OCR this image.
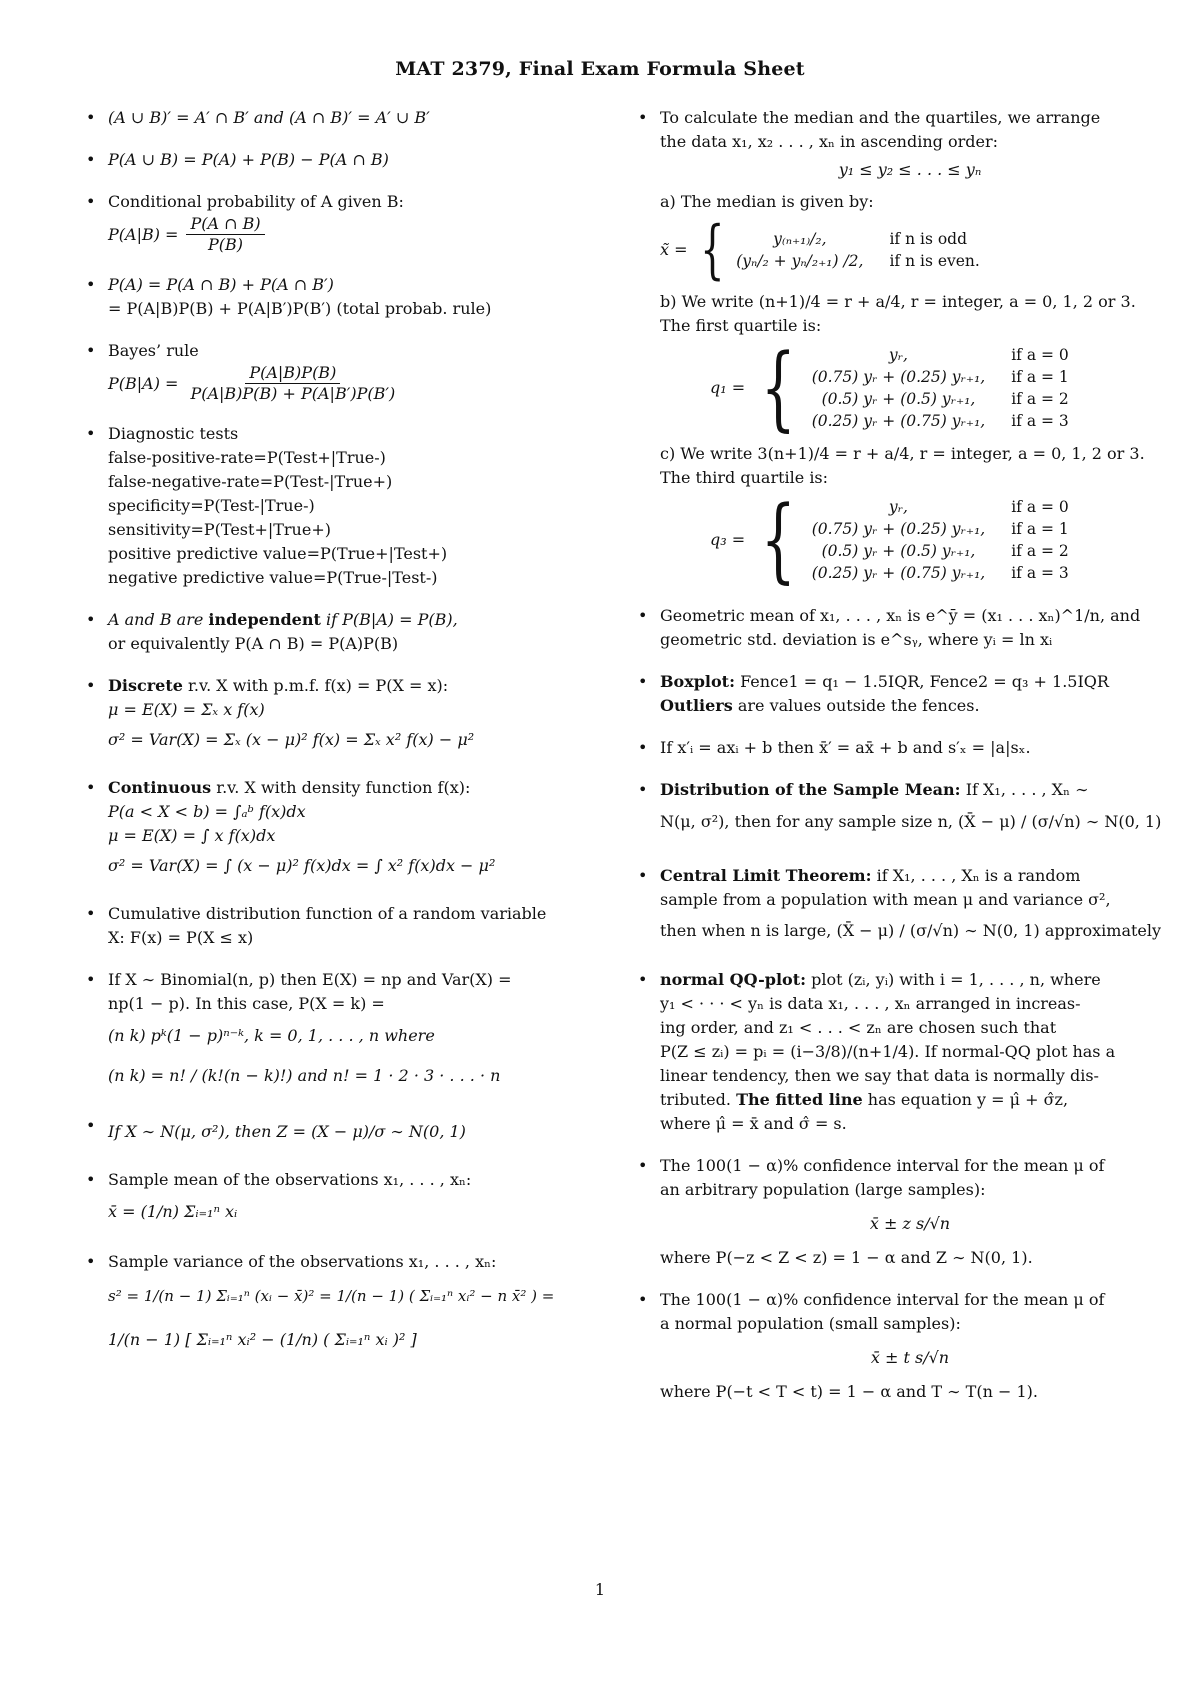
MAT 2379, Final Exam Formula Sheet
• (A ∪ B)′ = A′ ∩ B′ and (A ∩ B)′ = A′ ∪ B′
• P(A ∪ B) = P(A) + P(B) − P(A ∩ B)
• Conditional probability of A given B:
$P(A|B) = \frac{P(A \cap B)}{P(B)}$
• P(A) = P(A ∩ B) + P(A ∩ B′)
= P(A|B)P(B) + P(A|B′)P(B′) (total probab. rule)
• Bayes’ rule
$P(B|A) = \frac{P(A|B)P(B)}{P(A|B)P(B) + P(A|B')P(B')}$
• Diagnostic tests
false-positive-rate=P(Test+|True-)
false-negative-rate=P(Test-|True+)
specificity=P(Test-|True-)
sensitivity=P(Test+|True+)
positive predictive value=P(True+|Test+)
negative predictive value=P(True-|Test-)
• A and B are independent if P(B|A) = P(B),
or equivalently P(A ∩ B) = P(A)P(B)
• Discrete r.v. X with p.m.f. f(x) = P(X = x):
μ = E(X) = Σₓ x f(x)
σ² = Var(X) = Σₓ (x − μ)² f(x) = Σₓ x² f(x) − μ²
• Continuous r.v. X with density function f(x):
P(a < X < b) = ∫ₐᵇ f(x)dx
μ = E(X) = ∫ x f(x)dx
σ² = Var(X) = ∫ (x − μ)² f(x)dx = ∫ x² f(x)dx − μ²
• Cumulative distribution function of a random variable
X: F(x) = P(X ≤ x)
• If X ∼ Binomial(n, p) then E(X) = np and Var(X) =
np(1 − p). In this case, P(X = k) =
(n k) pᵏ(1 − p)ⁿ⁻ᵏ, k = 0, 1, . . . , n where
(n k) = n! / (k!(n − k)!) and n! = 1 · 2 · 3 · . . . · n
• If X ∼ N(μ, σ²), then Z = (X − μ)/σ ∼ N(0, 1)
• Sample mean of the observations x₁, . . . , xₙ:
x̄ = (1/n) Σᵢ₌₁ⁿ xᵢ
• Sample variance of the observations x₁, . . . , xₙ:
s² = 1/(n − 1) Σᵢ₌₁ⁿ (xᵢ − x̄)² = 1/(n − 1) ( Σᵢ₌₁ⁿ xᵢ² − n x̄² ) =
1/(n − 1) [ Σᵢ₌₁ⁿ xᵢ² − (1/n) ( Σᵢ₌₁ⁿ xᵢ )² ]
• To calculate the median and the quartiles, we arrange
the data x₁, x₂ . . . , xₙ in ascending order:
y₁ ≤ y₂ ≤ . . . ≤ yₙ
a) The median is given by:
x̃ = {	y₍ₙ₊₁₎/₂,	if n is odd
(yₙ/₂ + yₙ/₂₊₁) /2, if n is even.
b) We write (n+1)/4 = r + a/4, r = integer, a = 0, 1, 2 or 3.
The first quartile is:
q₁ = {	yᵣ,	if a = 0
(0.75) yᵣ + (0.25) yᵣ₊₁, if a = 1
(0.5) yᵣ + (0.5) yᵣ₊₁,	if a = 2
(0.25) yᵣ + (0.75) yᵣ₊₁, if a = 3
c) We write 3(n+1)/4 = r + a/4, r = integer, a = 0, 1, 2 or 3.
The third quartile is:
q₃ = {	yᵣ,	if a = 0
(0.75) yᵣ + (0.25) yᵣ₊₁, if a = 1
(0.5) yᵣ + (0.5) yᵣ₊₁,	if a = 2
(0.25) yᵣ + (0.75) yᵣ₊₁, if a = 3
• Geometric mean of x₁, . . . , xₙ is e^ȳ = (x₁ . . . xₙ)^1/n, and
geometric std. deviation is e^sᵧ, where yᵢ = ln xᵢ
• Boxplot: Fence1 = q₁ − 1.5IQR, Fence2 = q₃ + 1.5IQR
Outliers are values outside the fences.
• If x′ᵢ = axᵢ + b then x̄′ = ax̄ + b and s′ₓ = |a|sₓ.
• Distribution of the Sample Mean: If X₁, . . . , Xₙ ∼
N(μ, σ²), then for any sample size n, (X̄ − μ) / (σ/√n) ∼ N(0, 1)
• Central Limit Theorem: if X₁, . . . , Xₙ is a random
sample from a population with mean μ and variance σ²,
then when n is large, (X̄ − μ) / (σ/√n) ∼ N(0, 1) approximately
• normal QQ-plot: plot (zᵢ, yᵢ) with i = 1, . . . , n, where
y₁ < · · · < yₙ is data x₁, . . . , xₙ arranged in increas-
ing order, and z₁ < . . . < zₙ are chosen such that
P(Z ≤ zᵢ) = pᵢ = (i−3/8)/(n+1/4). If normal-QQ plot has a
linear tendency, then we say that data is normally dis-
tributed. The fitted line has equation y = μ̂ + σ̂z,
where μ̂ = x̄ and σ̂ = s.
• The 100(1 − α)% confidence interval for the mean μ of
an arbitrary population (large samples):
x̄ ± z s/√n
where P(−z < Z < z) = 1 − α and Z ∼ N(0, 1).
• The 100(1 − α)% confidence interval for the mean μ of
a normal population (small samples):
x̄ ± t s/√n
where P(−t < T < t) = 1 − α and T ∼ T(n − 1).
1
